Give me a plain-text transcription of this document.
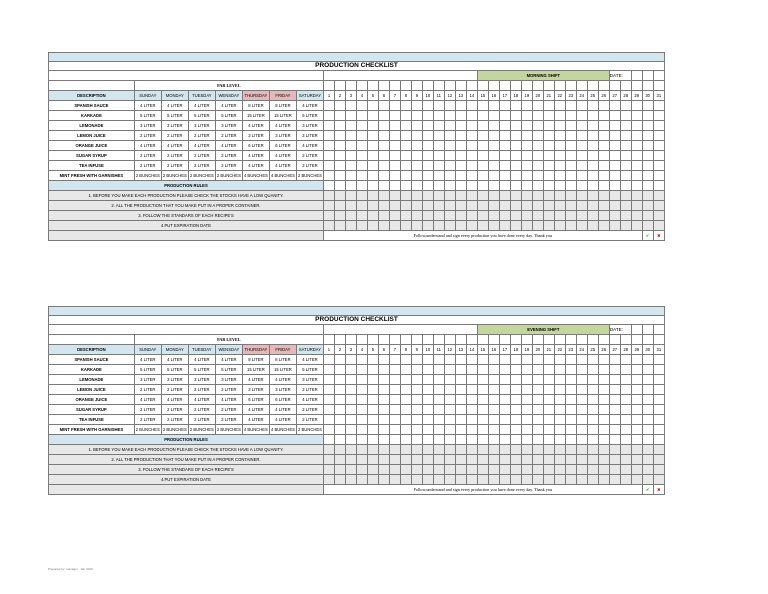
PRODUCTION CHECKLIST
																						MORNING SHIFT												DATE:				
	PAR LEVEL																																					
DESCRIPTION	SUNDAY	MONDAY	TUESDAY	WENSDAY	THURSDAY	FRIDAY	SATURDAY	1	2	3	4	5	6	7	8	9	10	11	12	13	14	15	16	17	18	19	20	21	22	23	24	25	26	27	28	29	30	31
SPANISH SAUCE	4 LITER	4 LITER	4 LITER	4 LITER	8 LITER	8 LITER	4 LITER																															
KARKADE	5 LITER	5 LITER	5 LITER	5 LITER	15 LITER	15 LITER	5 LITER																															
LEMONADE	3 LITER	3 LITER	3 LITER	3 LITER	4 LITER	4 LITER	3 LITER																															
LEMON JUICE	2 LITER	2 LITER	2 LITER	2 LITER	3 LITER	3 LITER	2 LITER																															
ORANGE JUICE	4 LITER	4 LITER	4 LITER	4 LITER	6 LITER	6 LITER	4 LITER																															
SUGAR SYRUP	2 LITER	2 LITER	2 LITER	2 LITER	4 LITER	4 LITER	2 LITER																															
TEA INFUSE	2 LITER	2 LITER	2 LITER	2 LITER	4 LITER	4 LITER	2 LITER																															
MINT FRESH WITH GARNISHES	2 BUNCHES	2 BUNCHES	2 BUNCHES	2 BUNCHES	4 BUNCHES	4 BUNCHES	2 BUNCHES																															
PRODUCTION RULES																																						
1. BEFORE YOU MAKE EACH PRODUCTION PLEASE CHECK THE STOCKS HAVE A LOW QUANITY.																																						
2. ALL THE PRODUCTION THAT YOU MAKE PUT IN A PROPER CONTAINER.																																						
3. FOLLOW THE STANDARS OF EACH RECIPE'S																																						
4.PUT EXPIRATION DATE																																						
								Follow,understand and sign every production you have done every day. Thank you																													✔	✖
PRODUCTION CHECKLIST
																						EVENING SHIFT												DATE:				
	PAR LEVEL																																					
DESCRIPTION	SUNDAY	MONDAY	TUESDAY	WENSDAY	THURSDAY	FRIDAY	SATURDAY	1	2	3	4	5	6	7	8	9	10	11	12	13	14	15	16	17	18	19	20	21	22	23	24	25	26	27	28	29	30	31
SPANISH SAUCE	4 LITER	4 LITER	4 LITER	4 LITER	8 LITER	8 LITER	4 LITER																															
KARKADE	5 LITER	5 LITER	5 LITER	5 LITER	15 LITER	15 LITER	5 LITER																															
LEMONADE	3 LITER	3 LITER	3 LITER	3 LITER	4 LITER	4 LITER	3 LITER																															
LEMON JUICE	2 LITER	2 LITER	2 LITER	2 LITER	3 LITER	3 LITER	2 LITER																															
ORANGE JUICE	4 LITER	4 LITER	4 LITER	4 LITER	6 LITER	6 LITER	4 LITER																															
SUGAR SYRUP	2 LITER	2 LITER	2 LITER	2 LITER	4 LITER	4 LITER	2 LITER																															
TEA INFUSE	2 LITER	2 LITER	2 LITER	2 LITER	4 LITER	4 LITER	2 LITER																															
MINT FRESH WITH GARNISHES	2 BUNCHES	2 BUNCHES	2 BUNCHES	2 BUNCHES	4 BUNCHES	4 BUNCHES	2 BUNCHES																															
PRODUCTION RULES																																						
1. BEFORE YOU MAKE EACH PRODUCTION PLEASE CHECK THE STOCKS HAVE A LOW QUANITY.																																						
2. ALL THE PRODUCTION THAT YOU MAKE PUT IN A PROPER CONTAINER.																																						
3. FOLLOW THE STANDARS OF EACH RECIPE'S																																						
4.PUT EXPIRATION DATE																																						
								Follow,understand and sign every production you have done every day. Thank you																													✔	✖
Prepared by: manager   Jan 2019
